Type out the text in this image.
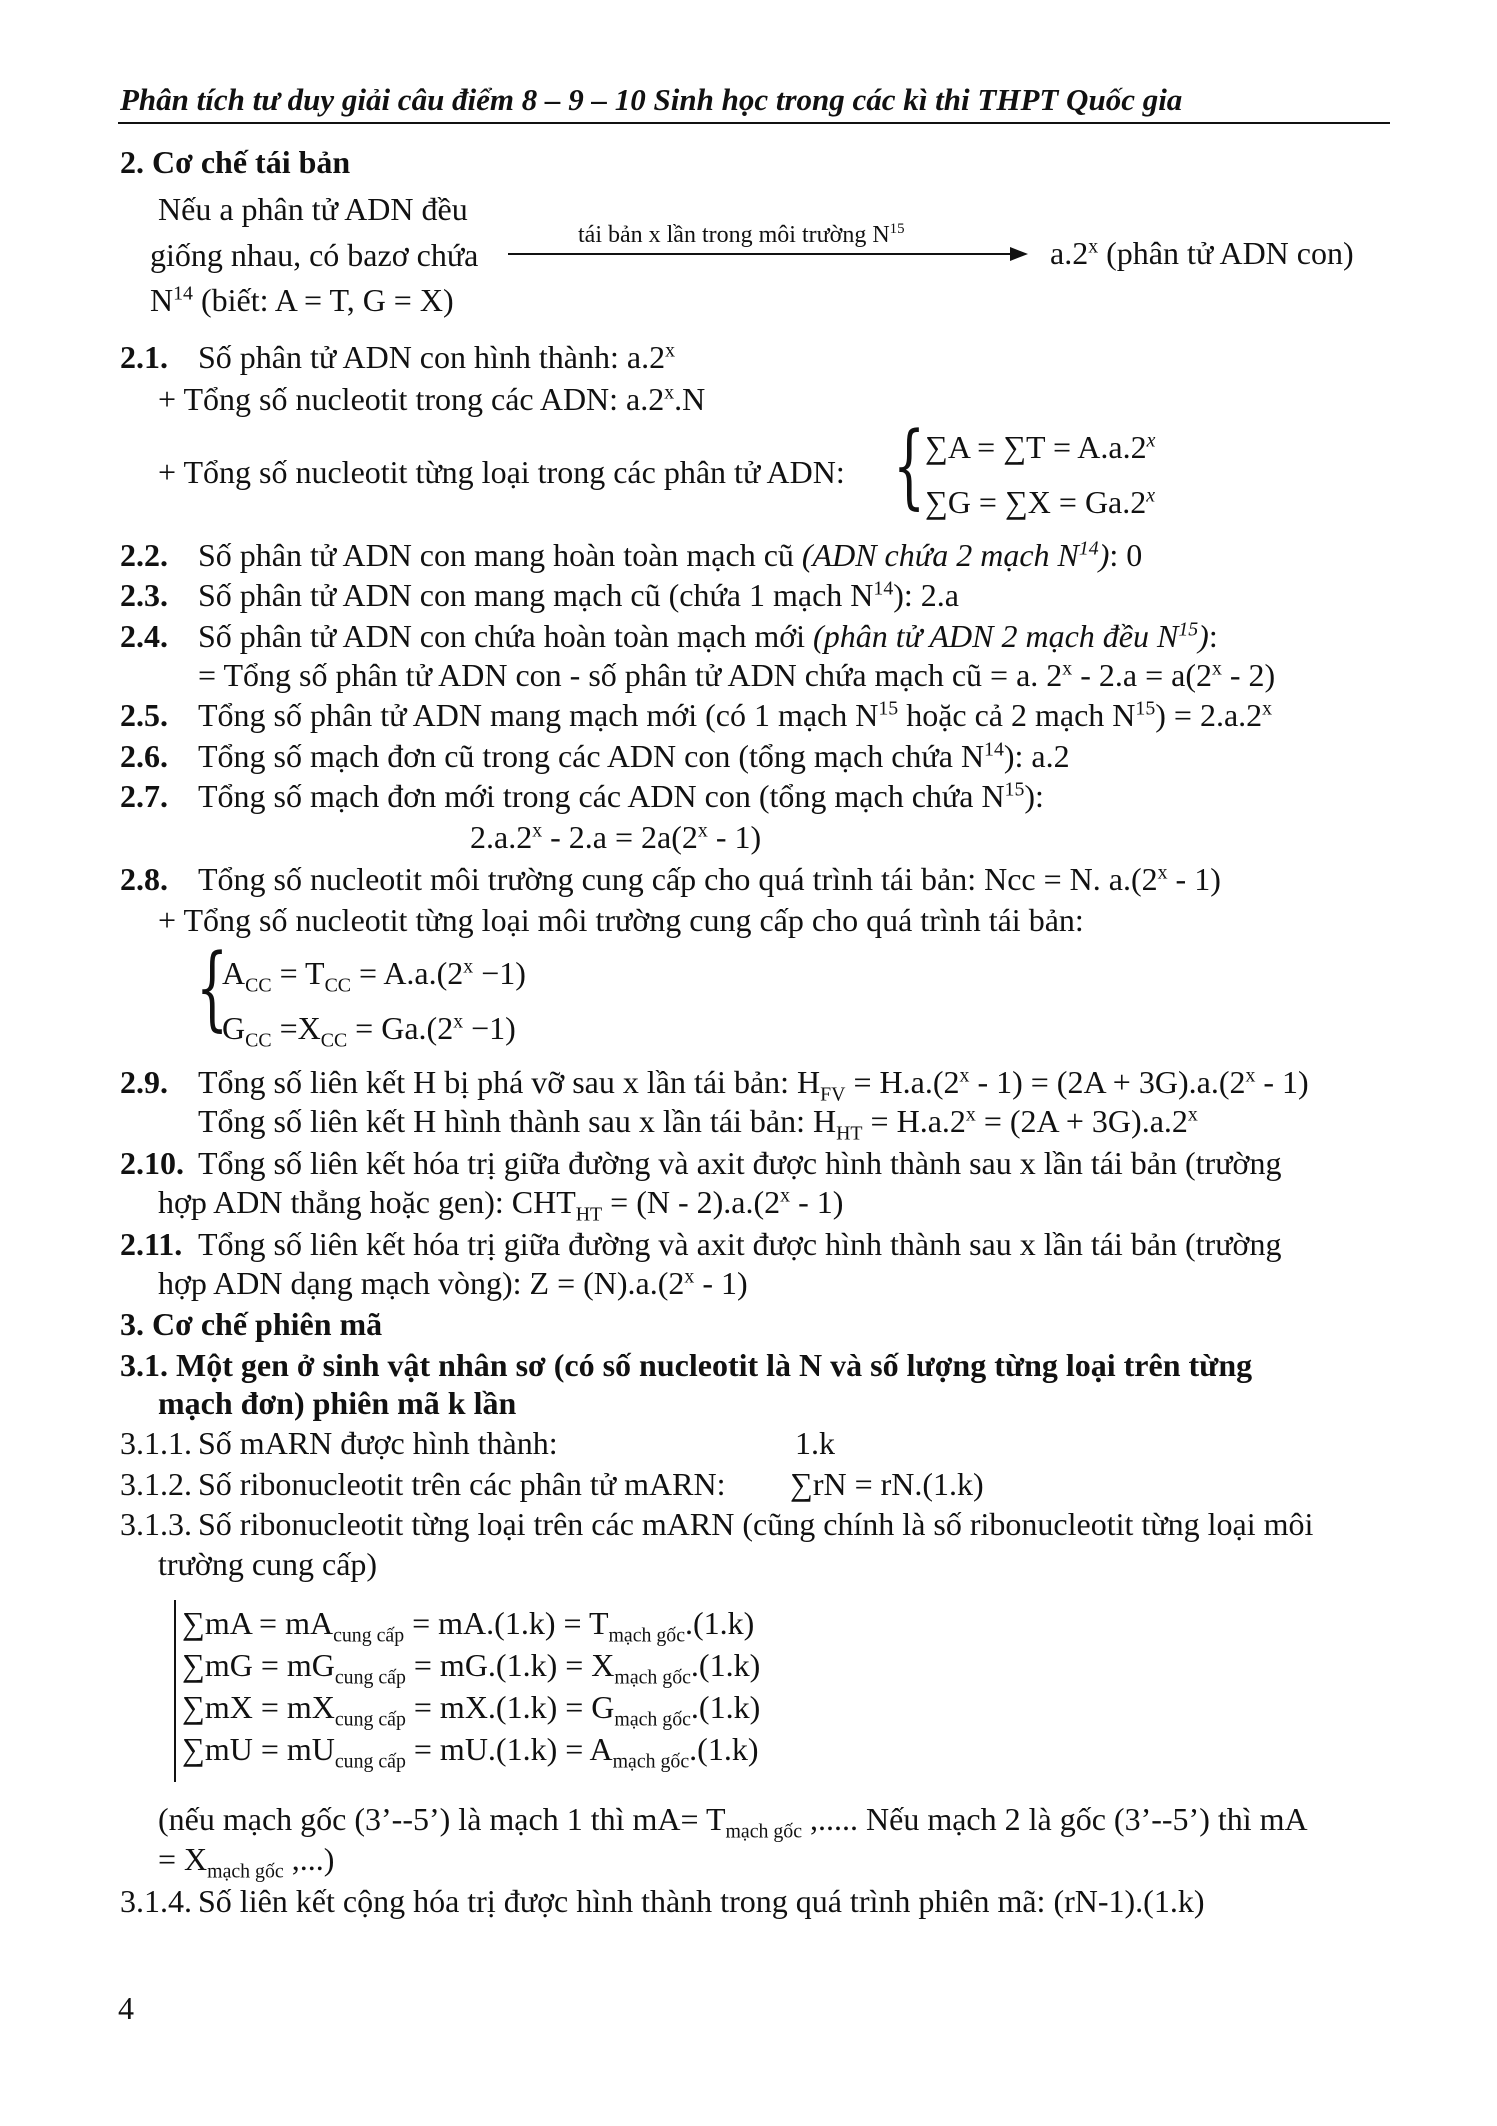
Phân tích tư duy giải câu điểm 8 – 9 – 10 Sinh học trong các kì thi THPT Quốc gia
2. Cơ chế tái bản
Nếu a phân tử ADN đều
giống nhau, có bazơ chứa
$N^{14}$ (biết: A = T, G = X)
tái bản x lần trong môi trường $N^{15}$
a.2$^x$ (phân tử ADN con)
2.1. Số phân tử ADN con hình thành: $a.2^x$
+ Tổng số nucleotit trong các ADN: $a.2^x.N$
+ Tổng số nucleotit từng loại trong các phân tử ADN: { $\sum A = \sum T = A.a.2^x$
$\sum G = \sum X = Ga.2^x$
2.2. Số phân tử ADN con mang hoàn toàn mạch cũ (ADN chứa 2 mạch $N^{14}$): 0
2.3. Số phân tử ADN con mang mạch cũ (chứa 1 mạch $N^{14}$): 2.a
2.4. Số phân tử ADN con chứa hoàn toàn mạch mới (phân tử ADN 2 mạch đều $N^{15}$):
= Tổng số phân tử ADN con - số phân tử ADN chứa mạch cũ = a. $2^x - 2.a = a(2^x - 2)$
2.5. Tổng số phân tử ADN mang mạch mới (có 1 mạch $N^{15}$ hoặc cả 2 mạch $N^{15}) = 2.a.2^x$
2.6. Tổng số mạch đơn cũ trong các ADN con (tổng mạch chứa $N^{14}$): a.2
2.7. Tổng số mạch đơn mới trong các ADN con (tổng mạch chứa $N^{15}$):
$2.a.2^x - 2.a = 2a(2^x - 1)$
2.8. Tổng số nucleotit môi trường cung cấp cho quá trình tái bản: Ncc = N. a.(2$^x$ - 1)
+ Tổng số nucleotit từng loại môi trường cung cấp cho quá trình tái bản:
{
$A_{CC} = T_{CC} = A.a.(2^x -1)$
$G_{CC} =X_{CC} = Ga.(2^x -1)$
2.9. Tổng số liên kết H bị phá vỡ sau x lần tái bản: $H_{FV} = H.a.(2^x - 1) = (2A + 3G).a.(2^x - 1)$
Tổng số liên kết H hình thành sau x lần tái bản: $H_{HT} = H.a.2^x = (2A + 3G).a.2^x$
2.10. Tổng số liên kết hóa trị giữa đường và axit được hình thành sau x lần tái bản (trường
hợp ADN thẳng hoặc gen): $CHT_{HT} = (N - 2).a.(2^x - 1)$
2.11. Tổng số liên kết hóa trị giữa đường và axit được hình thành sau x lần tái bản (trường
hợp ADN dạng mạch vòng): $Z = (N).a.(2^x - 1)$
3. Cơ chế phiên mã
3.1. Một gen ở sinh vật nhân sơ (có số nucleotit là N và số lượng từng loại trên từng
mạch đơn) phiên mã k lần
3.1.1. Số mARN được hình thành:	1.k
3.1.2. Số ribonucleotit trên các phân tử mARN: ∑rN = rN.(1.k)
3.1.3. Số ribonucleotit từng loại trên các mARN (cũng chính là số ribonucleotit từng loại môi
trường cung cấp)
$\sum mA = mA_{cung cấp} = mA.(1.k) = T_{mạch gốc}.(1.k)$
$\sum mG = mG_{cung cấp} = mG.(1.k) = X_{mạch gốc}.(1.k)$
$\sum mX = mX_{cung cấp} = mX.(1.k) = G_{mạch gốc}.(1.k)$
$\sum mU = mU_{cung cấp} = mU.(1.k) = A_{mạch gốc}.(1.k)$
(nếu mạch gốc (3’--5’) là mạch 1 thì $mA= T_{mạch gốc}$ ,..... Nếu mạch 2 là gốc (3’--5’) thì mA
= $X_{mạch gốc}$ ,...)
3.1.4. Số liên kết cộng hóa trị được hình thành trong quá trình phiên mã: (rN-1).(1.k)
4
